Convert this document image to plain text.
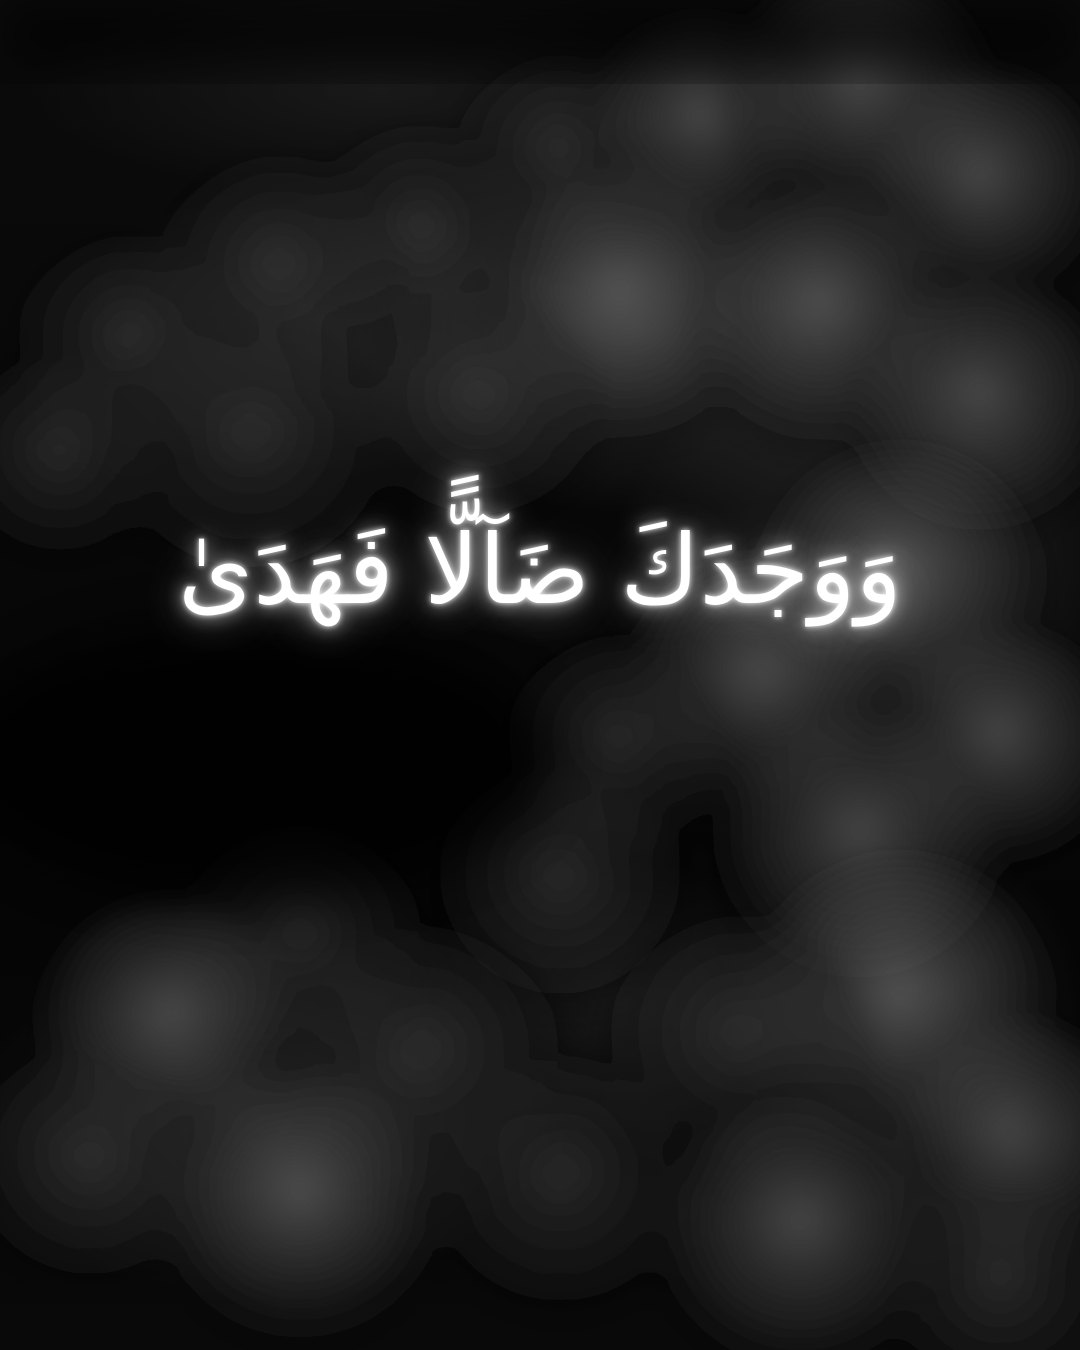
وَوَجَدَكَ ضَآلًّا فَهَدَىٰ
